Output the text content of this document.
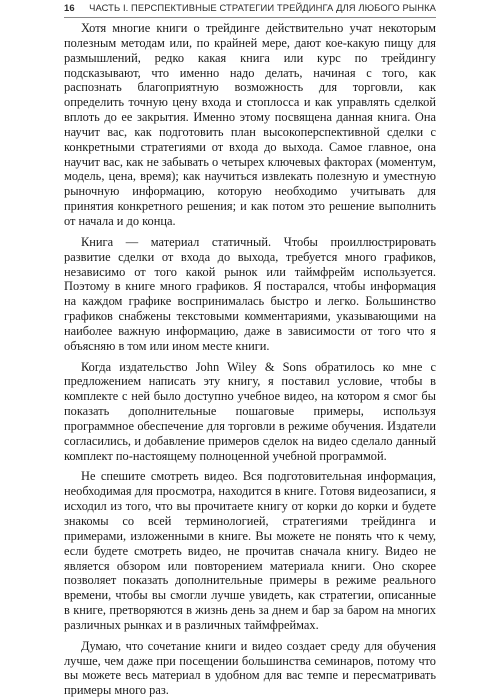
16 ЧАСТЬ I. ПЕРСПЕКТИВНЫЕ СТРАТЕГИИ ТРЕЙДИНГА ДЛЯ ЛЮБОГО РЫНКА

Хотя многие книги о трейдинге действительно учат некоторым полезным методам или, по крайней мере, дают кое-какую пищу для размышлений, редко какая книга или курс по трейдингу подсказывают, что именно надо делать, начиная с того, как распознать благоприятную возможность для торговли, как определить точную цену входа и стоплосса и как управлять сделкой вплоть до ее закрытия. Именно этому посвящена данная книга. Она научит вас, как подготовить план высокоперспективной сделки с конкретными стратегиями от входа до выхода. Самое главное, она научит вас, как не забывать о четырех ключевых факторах (моментум, модель, цена, время); как научиться извлекать полезную и уместную рыночную информацию, которую необходимо учитывать для принятия конкретного решения; и как потом это решение выполнить от начала и до конца.

Книга — материал статичный. Чтобы проиллюстрировать развитие сделки от входа до выхода, требуется много графиков, независимо от того какой рынок или таймфрейм используется. Поэтому в книге много графиков. Я постарался, чтобы информация на каждом графике воспринималась быстро и легко. Большинство графиков снабжены текстовыми комментариями, указывающими на наиболее важную информацию, даже в зависимости от того что я объясняю в том или ином месте книги.

Когда издательство John Wiley & Sons обратилось ко мне с предложением написать эту книгу, я поставил условие, чтобы в комплекте с ней было доступно учебное видео, на котором я смог бы показать дополнительные пошаговые примеры, используя программное обеспечение для торговли в режиме обучения. Издатели согласились, и добавление примеров сделок на видео сделало данный комплект по-настоящему полноценной учебной программой.

Не спешите смотреть видео. Вся подготовительная информация, необходимая для просмотра, находится в книге. Готовя видеозаписи, я исходил из того, что вы прочитаете книгу от корки до корки и будете знакомы со всей терминологией, стратегиями трейдинга и примерами, изложенными в книге. Вы можете не понять что к чему, если будете смотреть видео, не прочитав сначала книгу. Видео не является обзором или повторением материала книги. Оно скорее позволяет показать дополнительные примеры в режиме реального времени, чтобы вы смогли лучше увидеть, как стратегии, описанные в книге, претворяются в жизнь день за днем и бар за баром на многих различных рынках и в различных таймфреймах.

Думаю, что сочетание книги и видео создает среду для обучения лучше, чем даже при посещении большинства семинаров, потому что вы можете весь материал в удобном для вас темпе и пересматривать примеры много раз.
